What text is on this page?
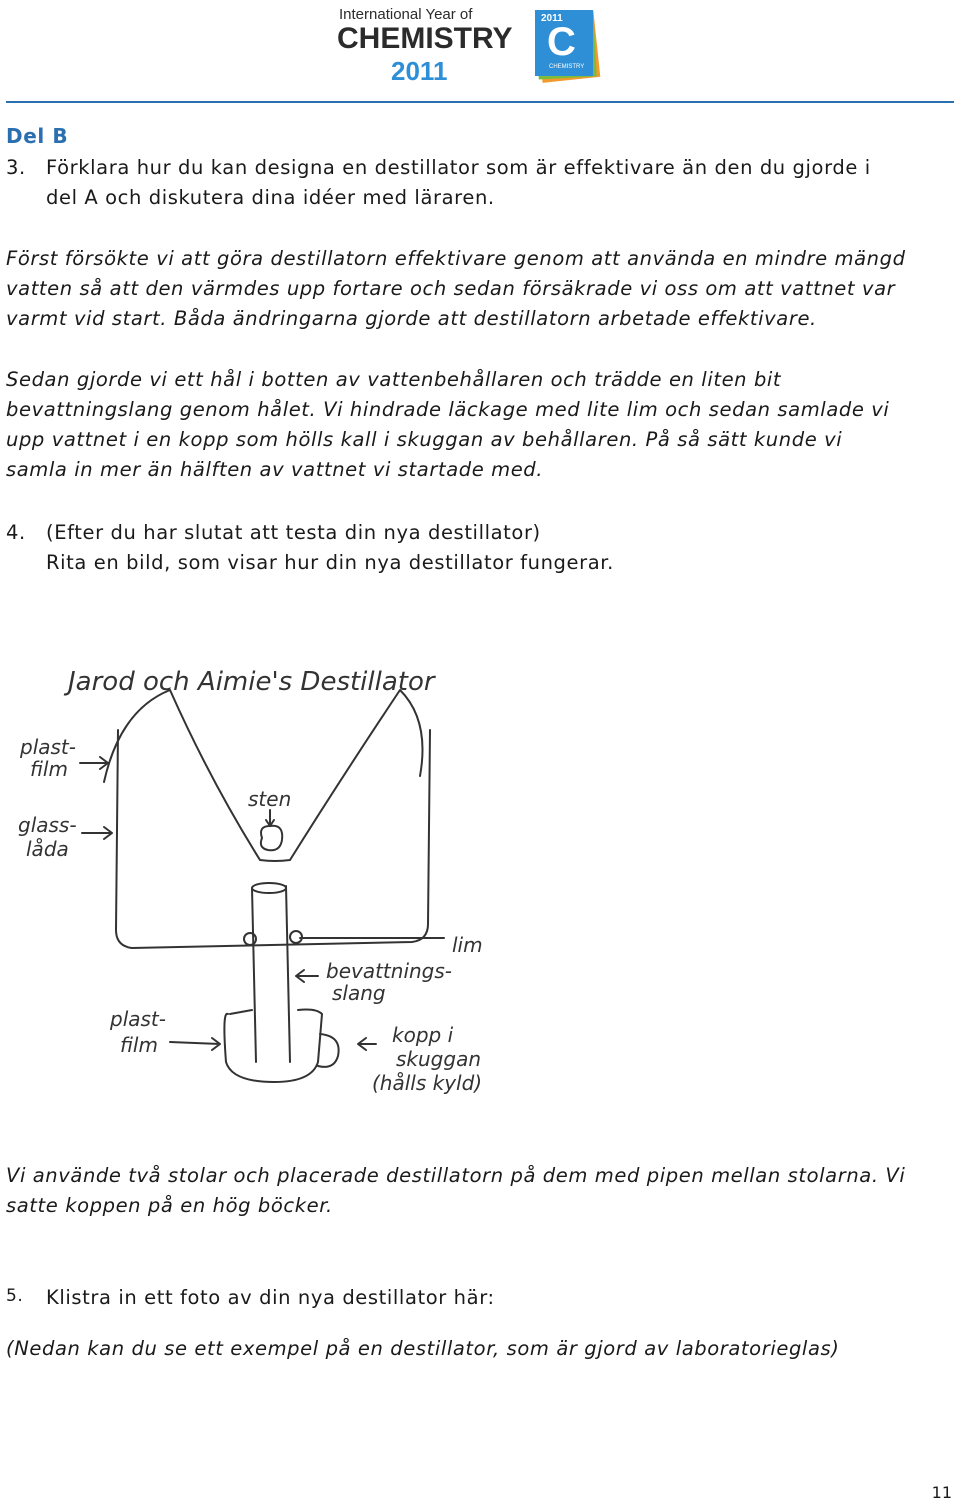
International Year of
CHEMISTRY
2011
2011
C
CHEMISTRY
Del B
3. Förklara hur du kan designa en destillator som är effektivare än den du gjorde i
del A och diskutera dina idéer med läraren.
Först försökte vi att göra destillatorn effektivare genom att använda en mindre mängd
vatten så att den värmdes upp fortare och sedan försäkrade vi oss om att vattnet var
varmt vid start. Båda ändringarna gjorde att destillatorn arbetade effektivare.
Sedan gjorde vi ett hål i botten av vattenbehållaren och trädde en liten bit
bevattningslang genom hålet. Vi hindrade läckage med lite lim och sedan samlade vi
upp vattnet i en kopp som hölls kall i skuggan av behållaren. På så sätt kunde vi
samla in mer än hälften av vattnet vi startade med.
4. (Efter du har slutat att testa din nya destillator)
Rita en bild, som visar hur din nya destillator fungerar.
Jarod och Aimie's Destillator
plast-
film
glass-
låda
sten
lim
bevattnings-
slang
plast-
film	kopp i
skuggan
(hålls kyld)
Vi använde två stolar och placerade destillatorn på dem med pipen mellan stolarna. Vi
satte koppen på en hög böcker.
5. Klistra in ett foto av din nya destillator här:
(Nedan kan du se ett exempel på en destillator, som är gjord av laboratorieglas)
11
